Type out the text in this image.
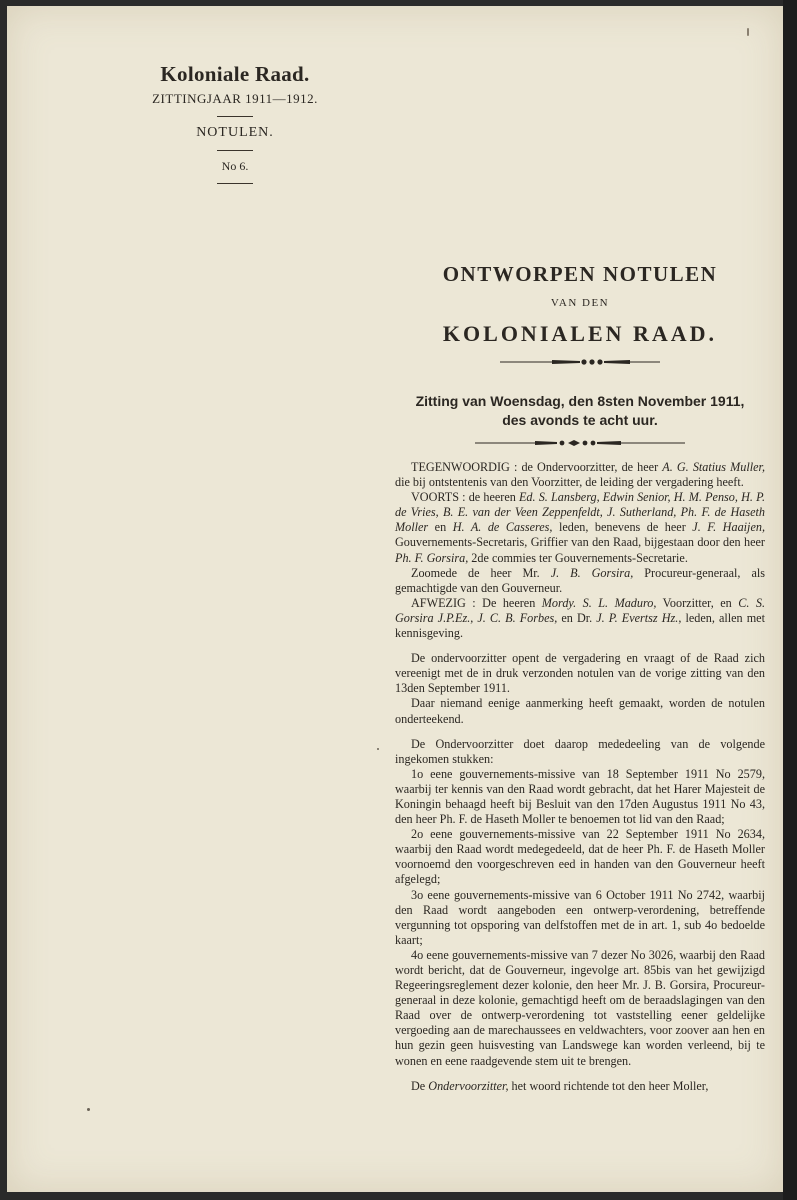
Koloniale Raad.
ZITTINGJAAR 1911—1912.
NOTULEN.
No 6.
ONTWORPEN NOTULEN
VAN DEN
KOLONIALEN RAAD.
Zitting van Woensdag, den 8sten November 1911,
des avonds te acht uur.

TEGENWOORDIG : de Ondervoorzitter, de heer A. G. Statius Muller, die bij ontstentenis van den Voorzitter, de leiding der vergadering heeft.

VOORTS : de heeren Ed. S. Lansberg, Edwin Senior, H. M. Penso, H. P. de Vries, B. E. van der Veen Zeppenfeldt, J. Sutherland, Ph. F. de Haseth Moller en H. A. de Casseres, leden, benevens de heer J. F. Haaijen, Gouvernements-Secretaris, Griffier van den Raad, bijgestaan door den heer Ph. F. Gorsira, 2de commies ter Gouvernements-Secretarie.

Zoomede de heer Mr. J. B. Gorsira, Procureur-generaal, als gemachtigde van den Gouverneur.

AFWEZIG : De heeren Mordy. S. L. Maduro, Voorzitter, en C. S. Gorsira J.P.Ez., J. C. B. Forbes, en Dr. J. P. Evertsz Hz., leden, allen met kennisgeving.

De ondervoorzitter opent de vergadering en vraagt of de Raad zich vereenigt met de in druk verzonden notulen van de vorige zitting van den 13den September 1911.

Daar niemand eenige aanmerking heeft gemaakt, worden de notulen onderteekend.

De Ondervoorzitter doet daarop mededeeling van de volgende ingekomen stukken:

1o eene gouvernements-missive van 18 September 1911 No 2579, waarbij ter kennis van den Raad wordt gebracht, dat het Harer Majesteit de Koningin behaagd heeft bij Besluit van den 17den Augustus 1911 No 43, den heer Ph. F. de Haseth Moller te benoemen tot lid van den Raad;

2o eene gouvernements-missive van 22 September 1911 No 2634, waarbij den Raad wordt medegedeeld, dat de heer Ph. F. de Haseth Moller voornoemd den voorgeschreven eed in handen van den Gouverneur heeft afgelegd;

3o eene gouvernements-missive van 6 October 1911 No 2742, waarbij den Raad wordt aangeboden een ontwerp-verordening, betreffende vergunning tot opsporing van delfstoffen met de in art. 1, sub 4o bedoelde kaart;

4o eene gouvernements-missive van 7 dezer No 3026, waarbij den Raad wordt bericht, dat de Gouverneur, ingevolge art. 85bis van het gewijzigd Regeeringsreglement dezer kolonie, den heer Mr. J. B. Gorsira, Procureur-generaal in deze kolonie, gemachtigd heeft om de beraadslagingen van den Raad over de ontwerp-verordening tot vaststelling eener geldelijke vergoeding aan de marechaussees en veldwachters, voor zoover aan hen en hun gezin geen huisvesting van Landswege kan worden verleend, bij te wonen en eene raadgevende stem uit te brengen.

De Ondervoorzitter, het woord richtende tot den heer Moller,
